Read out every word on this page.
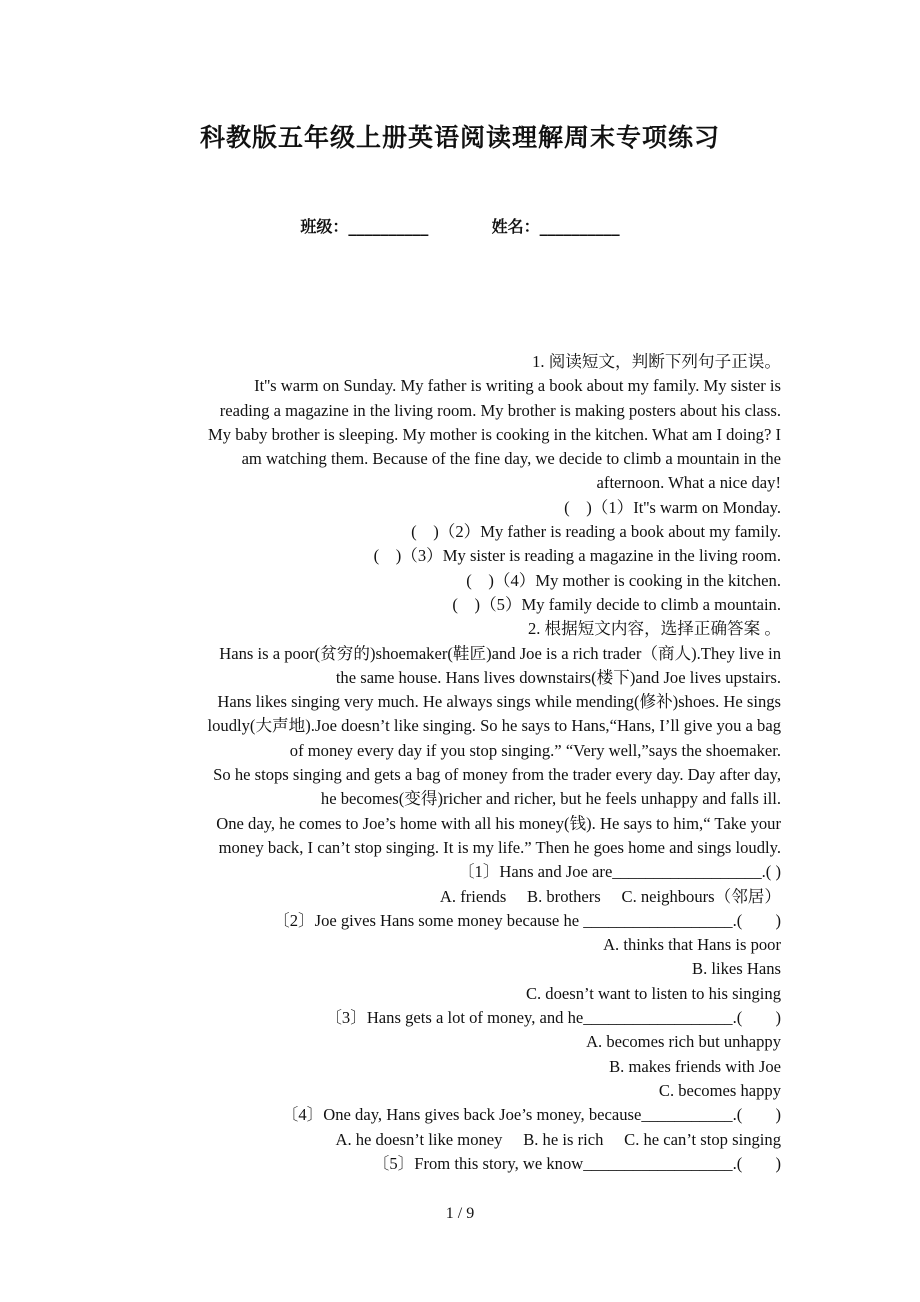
科教版五年级上册英语阅读理解周末专项练习
班级：__________	姓名：__________
1. 阅读短文，判断下列句子正误。
It''s warm on Sunday. My father is writing a book about my family. My sister is
reading a magazine in the living room. My brother is making posters about his class.
My baby brother is sleeping. My mother is cooking in the kitchen. What am I doing? I
am watching them. Because of the fine day, we decide to climb a mountain in the
afternoon. What a nice day!
(　)（1）It''s warm on Monday.
(　)（2）My father is reading a book about my family.
(　)（3）My sister is reading a magazine in the living room.
(　)（4）My mother is cooking in the kitchen.
(　)（5）My family decide to climb a mountain.
2. 根据短文内容，选择正确答案 。
Hans is a poor(贫穷的)shoemaker(鞋匠)and Joe is a rich trader（商人).They live in
the same house. Hans lives downstairs(楼下)and Joe lives upstairs.
Hans likes singing very much. He always sings while mending(修补)shoes. He sings
loudly(大声地).Joe doesn’t like singing. So he says to Hans,“Hans, I’ll give you a bag
of money every day if you stop singing.” “Very well,”says the shoemaker.
So he stops singing and gets a bag of money from the trader every day. Day after day,
he becomes(变得)richer and richer, but he feels unhappy and falls ill.
One day, he comes to Joe’s home with all his money(钱). He says to him,“ Take your
money back, I can’t stop singing. It is my life.” Then he goes home and sings loudly.
〔1〕Hans and Joe are__________________.( )
A. friends　 B. brothers　 C. neighbours（邻居）
〔2〕Joe gives Hans some money because he __________________.(　　)
A. thinks that Hans is poor
B. likes Hans
C. doesn’t want to listen to his singing
〔3〕Hans gets a lot of money, and he__________________.(　　)
A. becomes rich but unhappy
B. makes friends with Joe
C. becomes happy
〔4〕One day, Hans gives back Joe’s money, because___________.(　　)
A. he doesn’t like money　 B. he is rich　 C. he can’t stop singing
〔5〕From this story, we know__________________.(　　)
1 / 9
